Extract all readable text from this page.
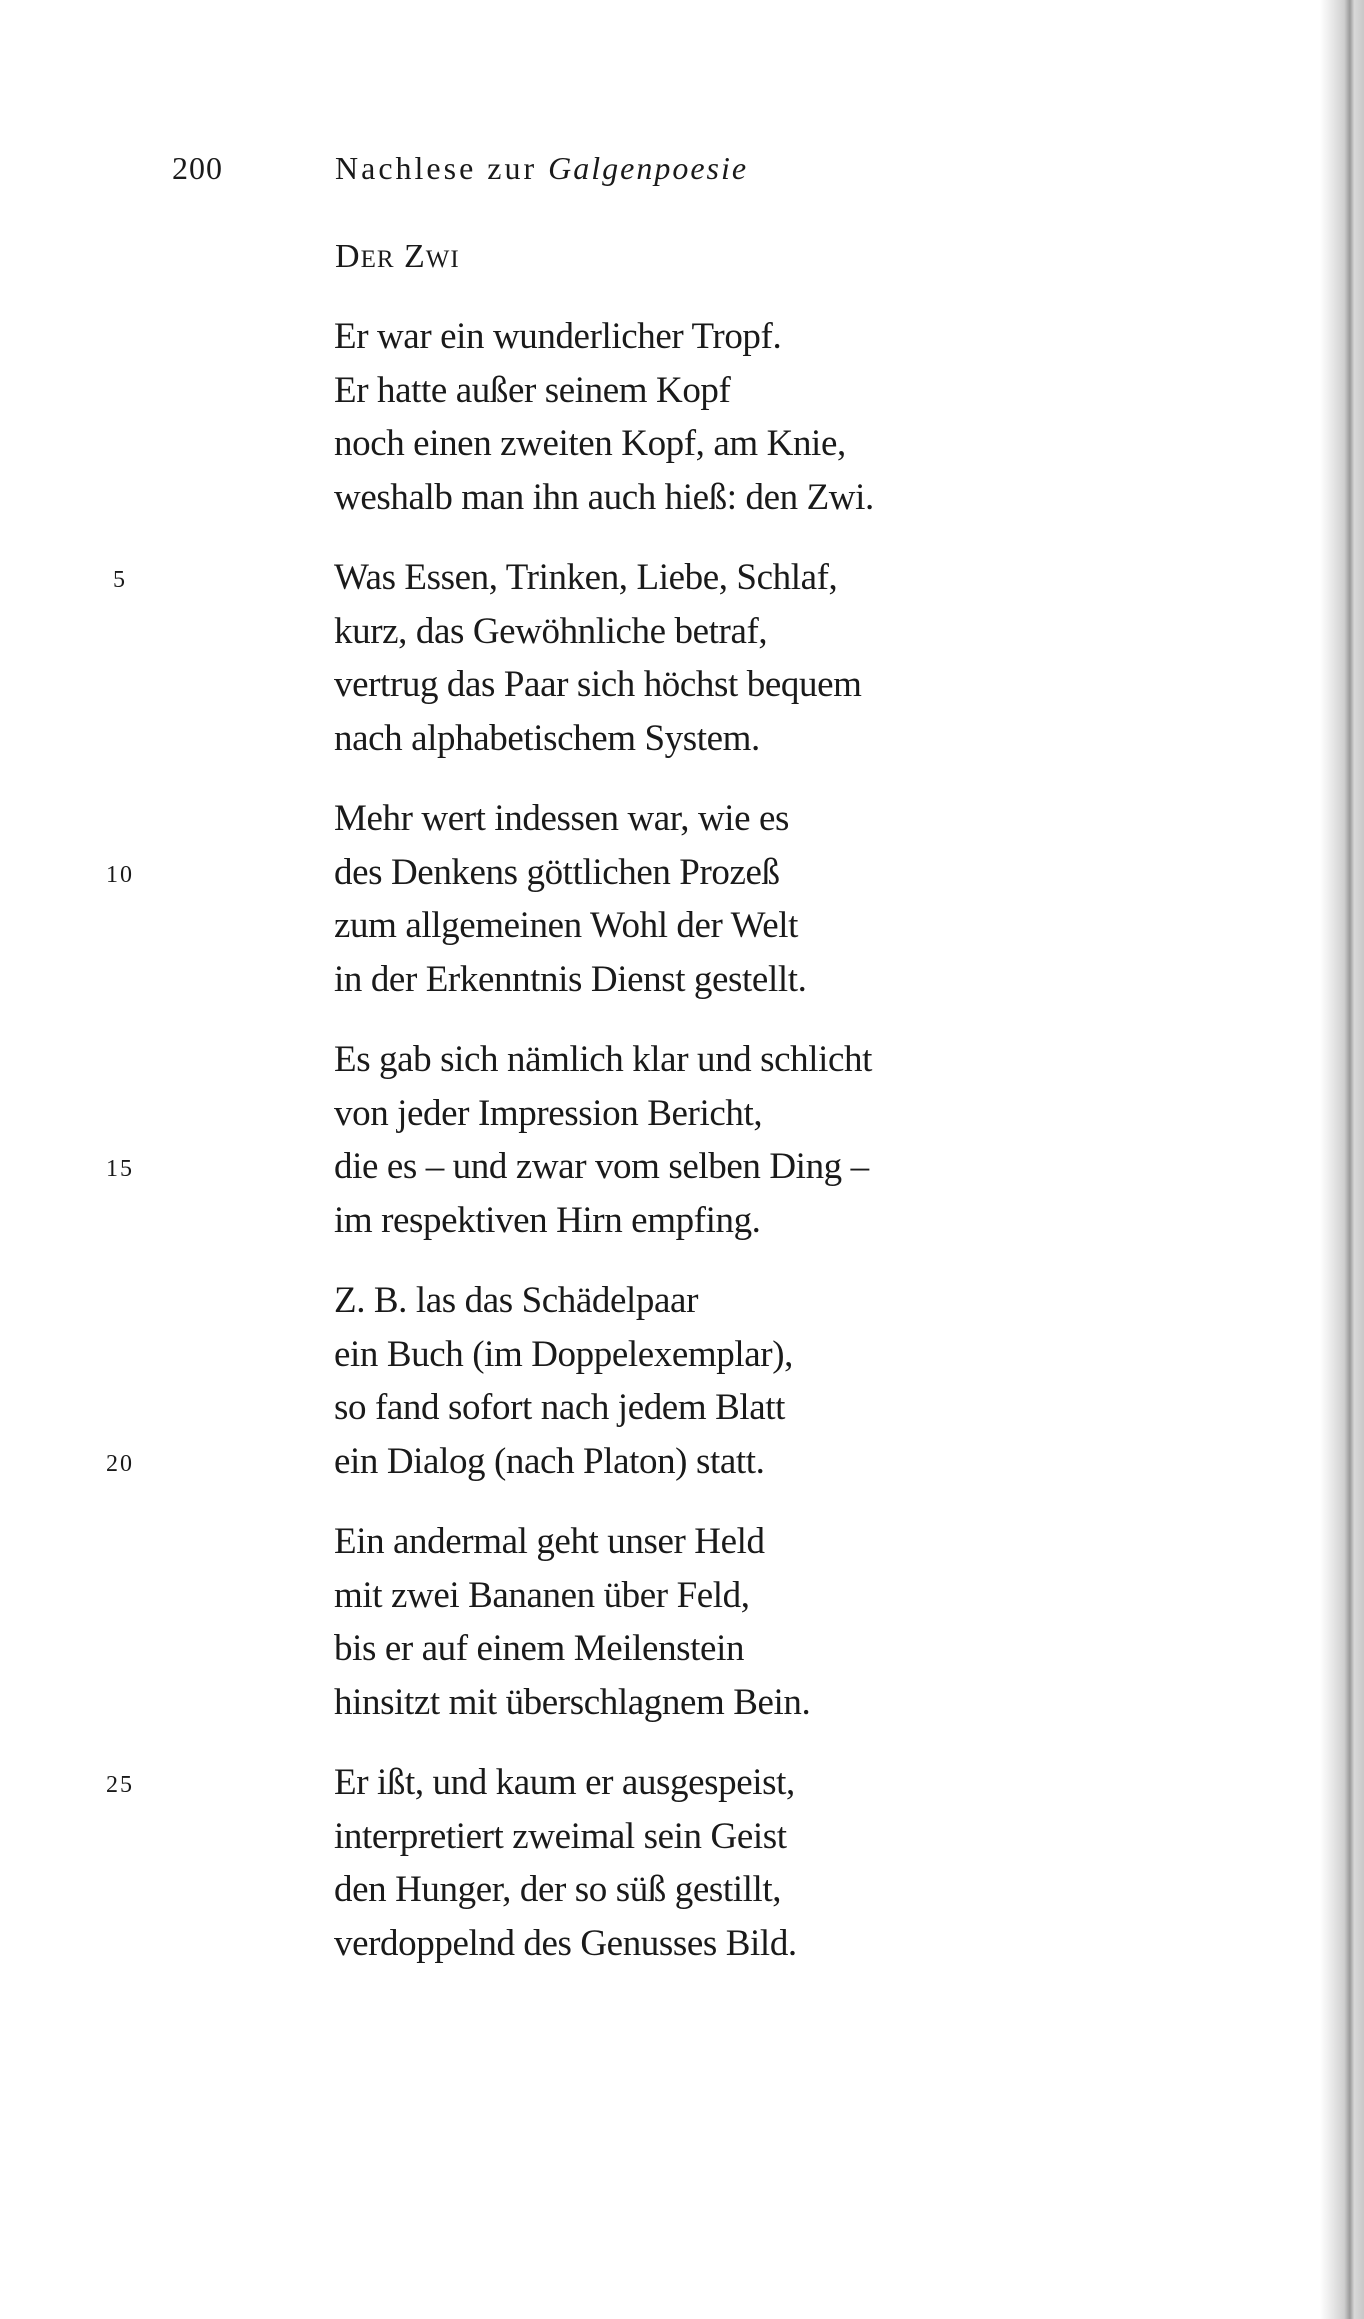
200	Nachlese zur Galgenpoesie
DER ZWI
Er war ein wunderlicher Tropf.
Er hatte außer seinem Kopf
noch einen zweiten Kopf, am Knie,
weshalb man ihn auch hieß: den Zwi.
Was Essen, Trinken, Liebe, Schlaf,
kurz, das Gewöhnliche betraf,
vertrug das Paar sich höchst bequem
nach alphabetischem System.
Mehr wert indessen war, wie es
des Denkens göttlichen Prozeß
zum allgemeinen Wohl der Welt
in der Erkenntnis Dienst gestellt.
Es gab sich nämlich klar und schlicht
von jeder Impression Bericht,
die es – und zwar vom selben Ding –
im respektiven Hirn empfing.
Z. B. las das Schädelpaar
ein Buch (im Doppelexemplar),
so fand sofort nach jedem Blatt
ein Dialog (nach Platon) statt.
Ein andermal geht unser Held
mit zwei Bananen über Feld,
bis er auf einem Meilenstein
hinsitzt mit überschlagnem Bein.
Er ißt, und kaum er ausgespeist,
interpretiert zweimal sein Geist
den Hunger, der so süß gestillt,
verdoppelnd des Genusses Bild.
5
10
15
20
25
